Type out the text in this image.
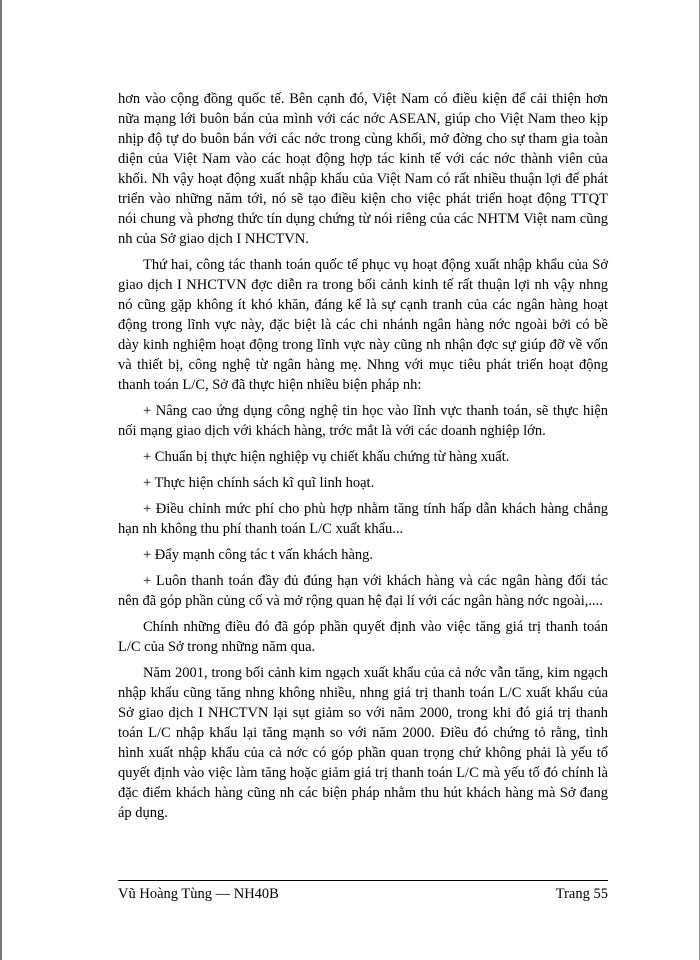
hơn vào cộng đồng quốc tế. Bên cạnh đó, Việt Nam có điều kiện để cải thiện hơn nữa mạng lới buôn bán của mình với các nớc ASEAN, giúp cho Việt Nam theo kịp nhịp độ tự do buôn bán với các nớc trong cùng khối, mở đờng cho sự tham gia toàn diện của Việt Nam vào các hoạt động hợp tác kinh tế với các nớc thành viên của khối. Nh vậy hoạt động xuất nhập khẩu của Việt Nam có rất nhiều thuận lợi để phát triển vào những năm tới, nó sẽ tạo điều kiện cho việc phát triển hoạt động TTQT nói chung và phơng thức tín dụng chứng từ nói riêng của các NHTM Việt nam cũng nh của Sở giao dịch I NHCTVN.

Thứ hai, công tác thanh toán quốc tế phục vụ hoạt động xuất nhập khẩu của Sở giao dịch I NHCTVN đợc diễn ra trong bối cảnh kinh tế rất thuận lợi nh vậy nhng nó cũng gặp không ít khó khăn, đáng kể là sự cạnh tranh của các ngân hàng hoạt động trong lĩnh vực này, đặc biệt là các chi nhánh ngân hàng nớc ngoài bởi có bề dày kinh nghiệm hoạt động trong lĩnh vực này cũng nh nhận đợc sự giúp đỡ về vốn và thiết bị, công nghệ từ ngân hàng mẹ. Nhng với mục tiêu phát triển hoạt động thanh toán L/C, Sở đã thực hiện nhiều biện pháp nh:

+ Nâng cao ứng dụng công nghệ tin học vào lĩnh vực thanh toán, sẽ thực hiện nối mạng giao dịch với khách hàng, trớc mắt là với các doanh nghiệp lớn.

+ Chuẩn bị thực hiện nghiệp vụ chiết khấu chứng từ hàng xuất.

+ Thực hiện chính sách kĩ quĩ linh hoạt.

+ Điều chỉnh mức phí cho phù hợp nhằm tăng tính hấp dẫn khách hàng chẳng hạn nh không thu phí thanh toán L/C xuất khẩu...

+ Đẩy mạnh công tác t vấn khách hàng.

+ Luôn thanh toán đầy đủ đúng hạn với khách hàng và các ngân hàng đối tác nên đã góp phần củng cố và mở rộng quan hệ đại lí với các ngân hàng nớc ngoài,....

Chính những điều đó đã góp phần quyết định vào việc tăng giá trị thanh toán L/C của Sở trong những năm qua.

Năm 2001, trong bối cảnh kim ngạch xuất khẩu của cả nớc vẫn tăng, kim ngạch nhập khẩu cũng tăng nhng không nhiều, nhng giá trị thanh toán L/C xuất khẩu của Sở giao dịch I NHCTVN lại sụt giảm so với năm 2000, trong khi đó giá trị thanh toán L/C nhập khẩu lại tăng mạnh so với năm 2000. Điều đó chứng tỏ rằng, tình hình xuất nhập khẩu của cả nớc có góp phần quan trọng chứ không phải là yếu tố quyết định vào việc làm tăng hoặc giảm giá trị thanh toán L/C mà yếu tố đó chính là đặc điểm khách hàng cũng nh các biện pháp nhằm thu hút khách hàng mà Sở đang áp dụng.

Vũ Hoàng Tùng — NH40B	Trang 55
